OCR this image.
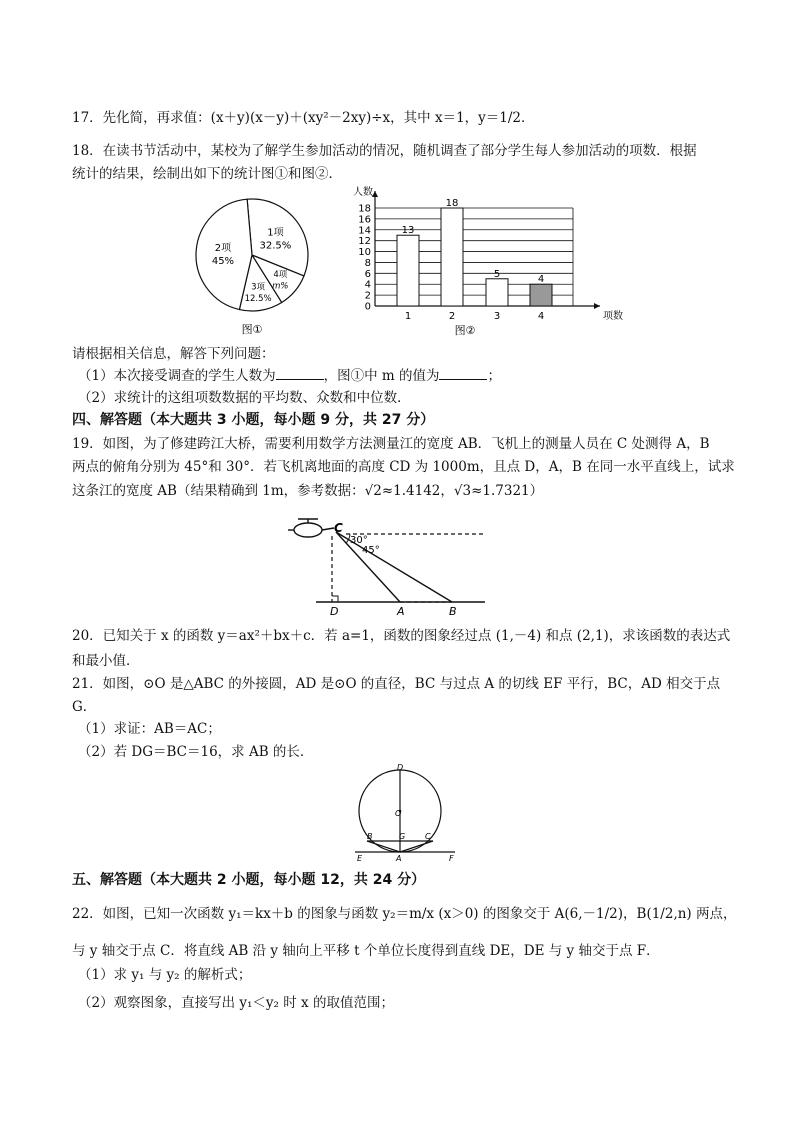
17．先化简，再求值：(x＋y)(x－y)＋(xy²－2xy)÷x，其中 x＝1，y＝1/2．
18．在读书节活动中，某校为了解学生参加活动的情况，随机调查了部分学生每人参加活动的项数．根据
统计的结果，绘制出如下的统计图①和图②．
1项
32.5%
4项
m%
3项
12.5%
2项
45%
图①
0
2
4
6
8
10
12
14
16
18
人数
项数
13
1
18
2
5
3
4
4
图②
请根据相关信息，解答下列问题：
（1）本次接受调查的学生人数为	，图①中 m 的值为	；
（2）求统计的这组项数数据的平均数、众数和中位数．
四、解答题（本大题共 3 小题，每小题 9 分，共 27 分）
19．如图，为了修建跨江大桥，需要利用数学方法测量江的宽度 AB．飞机上的测量人员在 C 处测得 A，B
两点的俯角分别为 45°和 30°．若飞机离地面的高度 CD 为 1000m，且点 D，A，B 在同一水平直线上，试求
这条江的宽度 AB（结果精确到 1m，参考数据：√2≈1.4142，√3≈1.7321）
C
30°
45°
D	A	B
20．已知关于 x 的函数 y＝ax²＋bx＋c．若 a=1，函数的图象经过点 (1,－4) 和点 (2,1)，求该函数的表达式
和最小值．
21．如图，⊙O 是△ABC 的外接圆，AD 是⊙O 的直径，BC 与过点 A 的切线 EF 平行，BC，AD 相交于点
G．
（1）求证：AB＝AC；
（2）若 DG＝BC＝16，求 AB 的长．
D
O
B	G C
E	A	F
五、解答题（本大题共 2 小题，每小题 12，共 24 分）
22．如图，已知一次函数 y₁＝kx＋b 的图象与函数 y₂＝m/x (x＞0) 的图象交于 A(6,－1/2)，B(1/2,n) 两点，
与 y 轴交于点 C．将直线 AB 沿 y 轴向上平移 t 个单位长度得到直线 DE，DE 与 y 轴交于点 F．
（1）求 y₁ 与 y₂ 的解析式；
（2）观察图象，直接写出 y₁＜y₂ 时 x 的取值范围；
